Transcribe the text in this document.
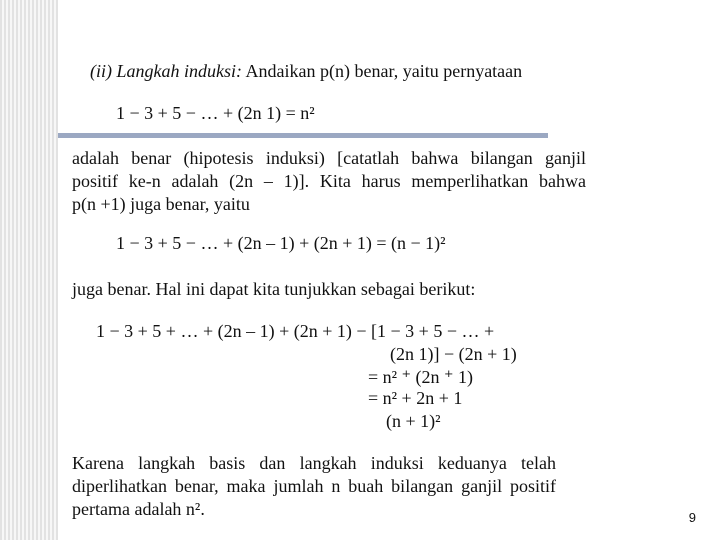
(ii) Langkah induksi: Andaikan p(n) benar, yaitu pernyataan
1 − 3 + 5 − … + (2n 1) = n²
adalah benar (hipotesis induksi) [catatlah bahwa bilangan ganjil
positif ke-n adalah (2n – 1)]. Kita harus memperlihatkan bahwa
p(n +1) juga benar, yaitu
1 − 3 + 5 − … + (2n – 1) + (2n + 1) = (n − 1)²
juga benar. Hal ini dapat kita tunjukkan sebagai berikut:
1 − 3 + 5 + … + (2n – 1) + (2n + 1) − [1 − 3 + 5 − … +
(2n 1)] − (2n + 1)
= n² ⁺ (2n ⁺ 1)
= n² + 2n + 1
(n + 1)²
Karena langkah basis dan langkah induksi keduanya telah
diperlihatkan benar, maka jumlah n buah bilangan ganjil positif
pertama adalah n².	9
